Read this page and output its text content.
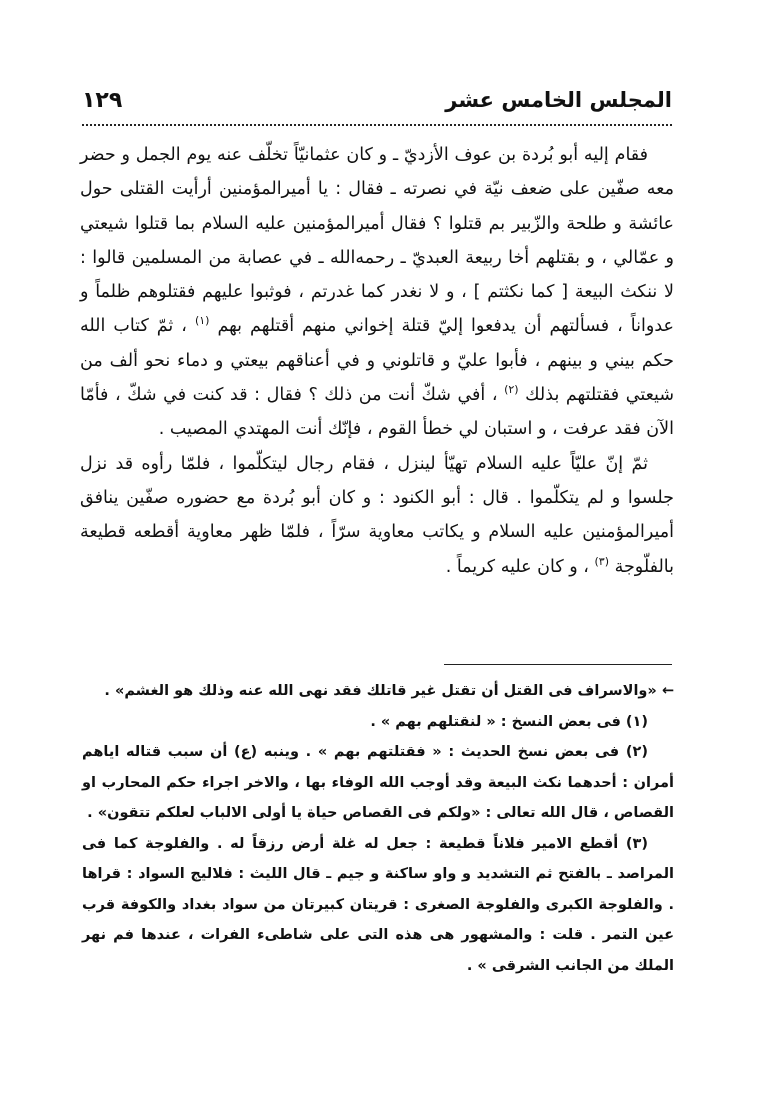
المجلس الخامس عشر
١٢٩

فقام إليه أبو بُردة بن عوف الأزديّ ـ و كان عثمانيّاً تخلّف عنه يوم الجمل و حضر معه صفّين على ضعف نيّة في نصرته ـ فقال : يا أميرالمؤمنين أرأيت القتلى حول عائشة و طلحة والزّبير بم قتلوا ؟ فقال أميرالمؤمنين عليه السلام بما قتلوا شيعتي و عمّالي ، و بقتلهم أخا ربيعة العبديّ ـ رحمه‌الله ـ في عصابة من المسلمين قالوا : لا ننكث البيعة [ كما نكثتم ] ، و لا نغدر كما غدرتم ، فوثبوا عليهم فقتلوهم ظلماً و عدواناً ، فسألتهم أن يدفعوا إليّ قتلة إخواني منهم أقتلهم بهم $^{(١)}$ ، ثمّ كتاب الله حكم بيني و بينهم ، فأبوا عليّ و قاتلوني و في أعناقهم بيعتي و دماء نحو ألف من شيعتي فقتلتهم بذلك $^{(٢)}$ ، أفي شكّ أنت من ذلك ؟ فقال : قد كنت في شكّ ، فأمّا الآن فقد عرفت ، و استبان لي خطأ القوم ، فإنّك أنت المهتدي المصيب .

ثمّ إنّ عليّاً عليه السلام تهيّأ لينزل ، فقام رجال ليتكلّموا ، فلمّا رأوه قد نزل جلسوا و لم يتكلّموا . قال : أبو الكنود : و كان أبو بُردة مع حضوره صفّين ينافق أميرالمؤمنين عليه السلام و يكاتب معاوية سرّاً ، فلمّا ظهر معاوية أقطعه قطيعة بالفلّوجة $^{(٣)}$ ، و كان عليه كريماً .

← «والاسراف فى القتل أن تقتل غير قاتلك فقد نهى الله عنه وذلك هو الغشم» .

(١) فى بعض النسخ : « لنقتلهم بهم » .

(٢) فى بعض نسخ الحديث : « فقتلتهم بهم » . وينبه (ع) أن سبب قتاله اياهم أمران : أحدهما نكث البيعة وقد أوجب الله الوفاء بها ، والاخر اجراء حكم المحارب او القصاص ، قال الله تعالى : «ولكم فى القصاص حياة يا أولى الالباب لعلكم تتقون» .

(٣) أقطع الامير فلاناً قطيعة : جعل له غلة أرض رزقاً له . والفلوجة كما فى المراصد ـ بالفتح ثم التشديد و واو ساكنة و جيم ـ قال الليث : فلاليج السواد : قراها . والفلوجة الكبرى والفلوجة الصغرى : قريتان كبيرتان من سواد بغداد والكوفة قرب عين التمر . قلت : والمشهور هى هذه التى على شاطىء الفرات ، عندها فم نهر الملك من الجانب الشرقى » .
